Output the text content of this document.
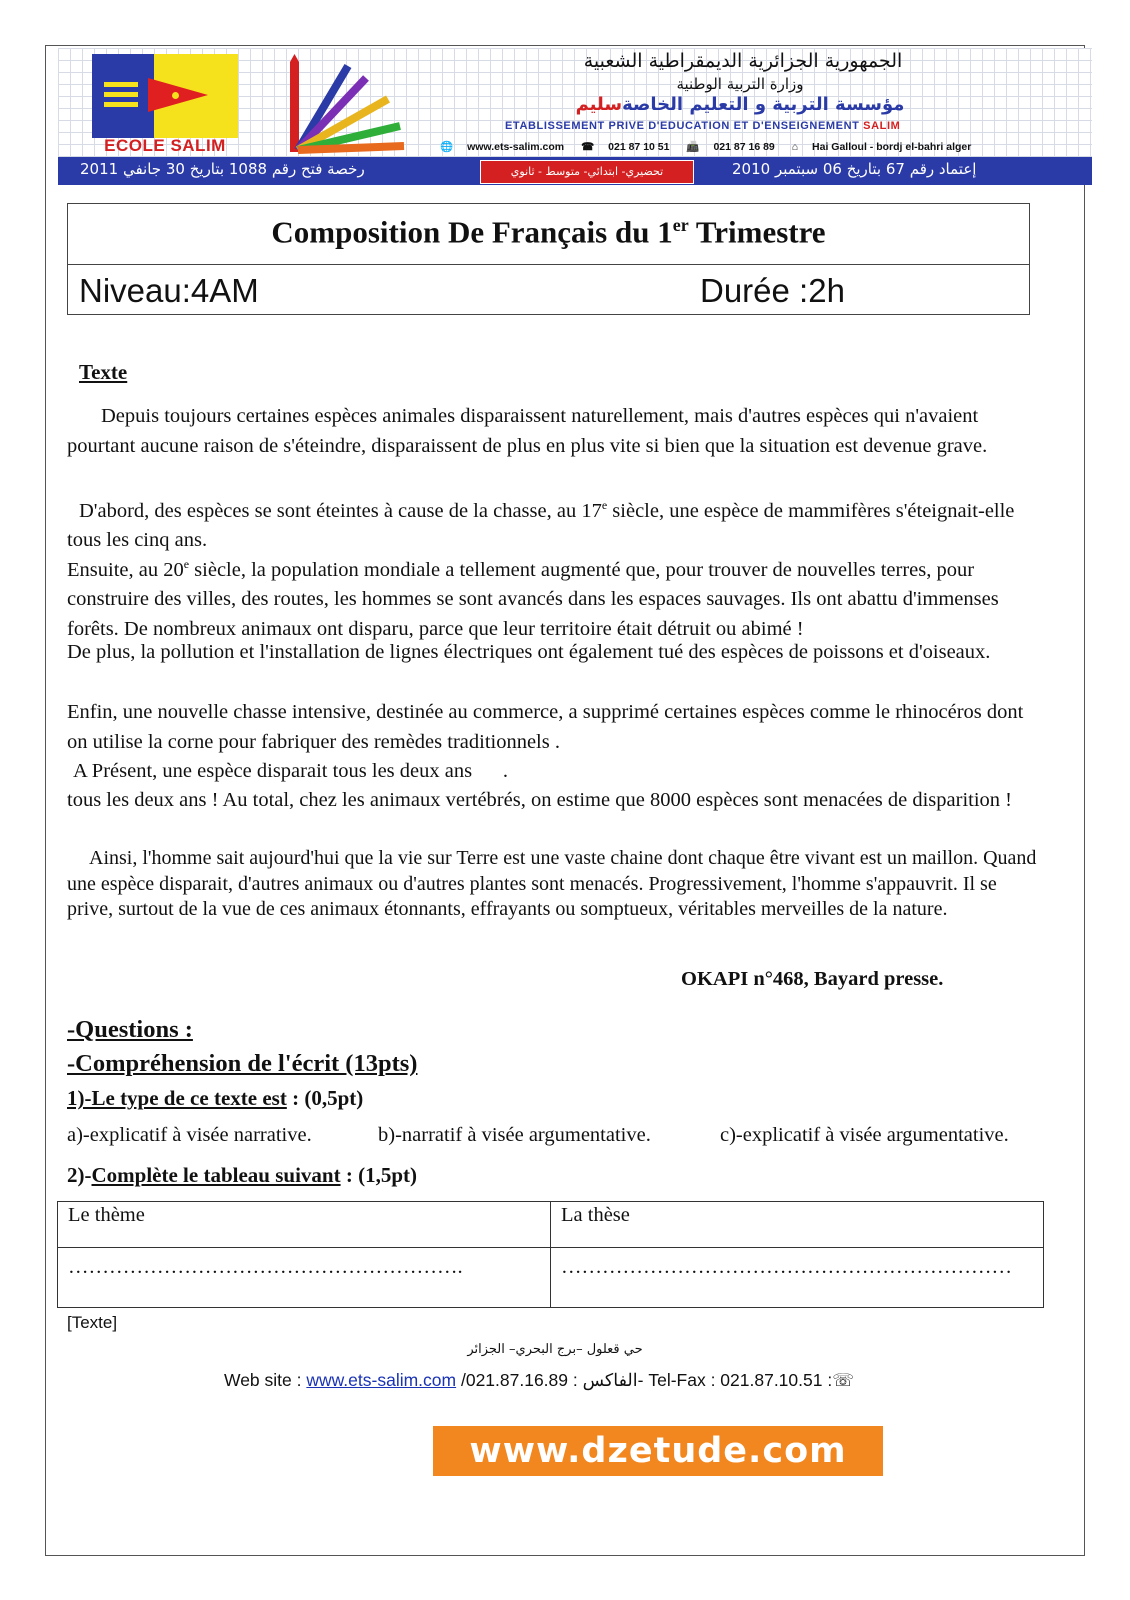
ECOLE SALIM
الجمهورية الجزائرية الديمقراطية الشعبية
وزارة التربية الوطنية
مؤسسة التربية و التعليم الخاصةسليم
ETABLISSEMENT PRIVE D'EDUCATION ET D'ENSEIGNEMENT SALIM
🌐 www.ets-salim.com ☎ 021 87 10 51 📠 021 87 16 89 ⌂ Hai Galloul - bordj el-bahri alger
رخصة فتح رقم 1088 بتاريخ 30 جانفي 2011	تحضيري- ابتدائي- متوسط - ثانوي	إعتماد رقم 67 بتاريخ 06 سبتمبر 2010
Composition De Français du 1er Trimestre
Niveau:4AM	Durée :2h
Texte

Depuis toujours certaines espèces animales disparaissent naturellement, mais d'autres espèces qui n'avaient pourtant aucune raison de s'éteindre, disparaissent de plus en plus vite si bien que la situation est devenue grave.

D'abord, des espèces se sont éteintes à cause de la chasse, au 17e siècle, une espèce de mammifères s'éteignait-elle tous les cinq ans.

Ensuite, au 20e siècle, la population mondiale a tellement augmenté que, pour trouver de nouvelles terres, pour construire des villes, des routes, les hommes se sont avancés dans les espaces sauvages. Ils ont abattu d'immenses forêts. De nombreux animaux ont disparu, parce que leur territoire était détruit ou abimé !

De plus, la pollution et l'installation de lignes électriques ont également tué des espèces de poissons et d'oiseaux.

Enfin, une nouvelle chasse intensive, destinée au commerce, a supprimé certaines espèces comme le rhinocéros dont on utilise la corne pour fabriquer des remèdes traditionnels .

A Présent, une espèce disparait tous les deux ans      .

tous les deux ans ! Au total, chez les animaux vertébrés, on estime que 8000 espèces sont menacées de disparition !

Ainsi, l'homme sait aujourd'hui que la vie sur Terre est une vaste chaine dont chaque être vivant est un maillon. Quand une espèce disparait, d'autres animaux ou d'autres plantes sont menacés. Progressivement, l'homme s'appauvrit. Il se prive, surtout de la vue de ces animaux étonnants, effrayants ou somptueux, véritables merveilles de la nature.

OKAPI n°468, Bayard presse.
-Questions :
-Compréhension de l'écrit (13pts)
1)-Le type de ce texte est : (0,5pt)
a)-explicatif à visée narrative.	b)-narratif à visée argumentative.	c)-explicatif à visée argumentative.
2)-Complète le tableau suivant : (1,5pt)
Le thème	La thèse
………………………………………………….	…………………………………………………………
[Texte]
حي قعلول –برج البحري– الجزائر
Web site : www.ets-salim.com /021.87.16.89 : الفاكس- Tel-Fax : 021.87.10.51 :☏
www.dzetude.com
